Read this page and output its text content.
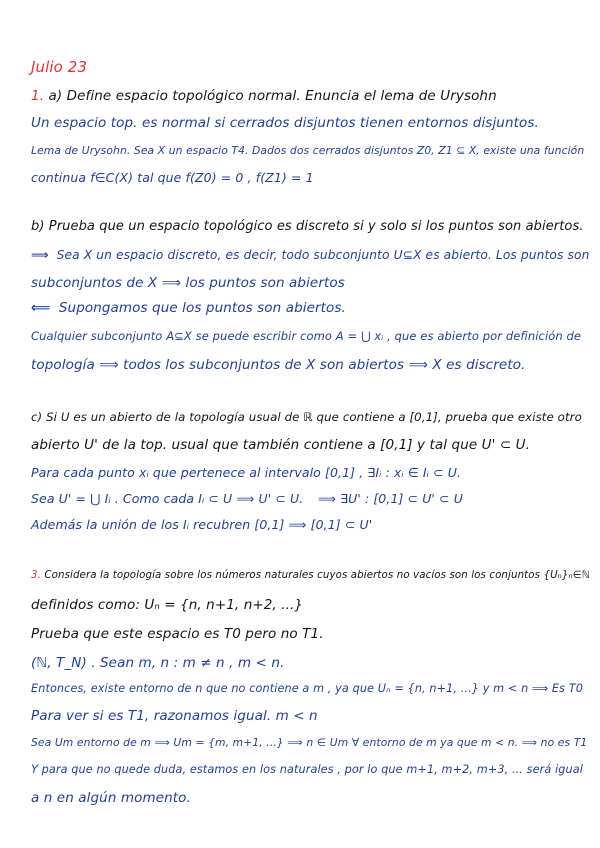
Julio 23
1. a) Define espacio topológico normal. Enuncia el lema de Urysohn
Un espacio top. es normal si cerrados disjuntos tienen entornos disjuntos.
Lema de Urysohn. Sea X un espacio T4. Dados dos cerrados disjuntos Z0, Z1 ⊆ X, existe una función
continua f∈C(X) tal que f(Z0) = 0 , f(Z1) = 1
b) Prueba que un espacio topológico es discreto si y solo si los puntos son abiertos.
⟹ Sea X un espacio discreto, es decir, todo subconjunto U⊆X es abierto. Los puntos son
subconjuntos de X ⟹ los puntos son abiertos
⟸ Supongamos que los puntos son abiertos.
Cualquier subconjunto A⊆X se puede escribir como A = ⋃ xᵢ , que es abierto por definición de
topología ⟹ todos los subconjuntos de X son abiertos ⟹ X es discreto.
c) Si U es un abierto de la topología usual de ℝ que contiene a [0,1], prueba que existe otro
abierto U' de la top. usual que también contiene a [0,1] y tal que U' ⊂ U.
Para cada punto xᵢ que pertenece al intervalo [0,1] , ∃Iᵢ : xᵢ ∈ Iᵢ ⊂ U.
Sea U' = ⋃ Iᵢ . Como cada Iᵢ ⊂ U ⟹ U' ⊂ U. ⟹ ∃U' : [0,1] ⊂ U' ⊂ U
Además la unión de los Iᵢ recubren [0,1] ⟹ [0,1] ⊂ U'
3. Considera la topología sobre los números naturales cuyos abiertos no vacíos son los conjuntos {Uₙ}ₙ∈ℕ
definidos como: Uₙ = {n, n+1, n+2, ...}
Prueba que este espacio es T0 pero no T1.
(ℕ, T_N) . Sean m, n : m ≠ n , m < n.
Entonces, existe entorno de n que no contiene a m , ya que Uₙ = {n, n+1, ...} y m < n ⟹ Es T0
Para ver si es T1, razonamos igual. m < n
Sea Um entorno de m ⟹ Um = {m, m+1, ...} ⟹ n ∈ Um ∀ entorno de m ya que m < n. ⟹ no es T1
Y para que no quede duda, estamos en los naturales , por lo que m+1, m+2, m+3, ... será igual
a n en algún momento.
